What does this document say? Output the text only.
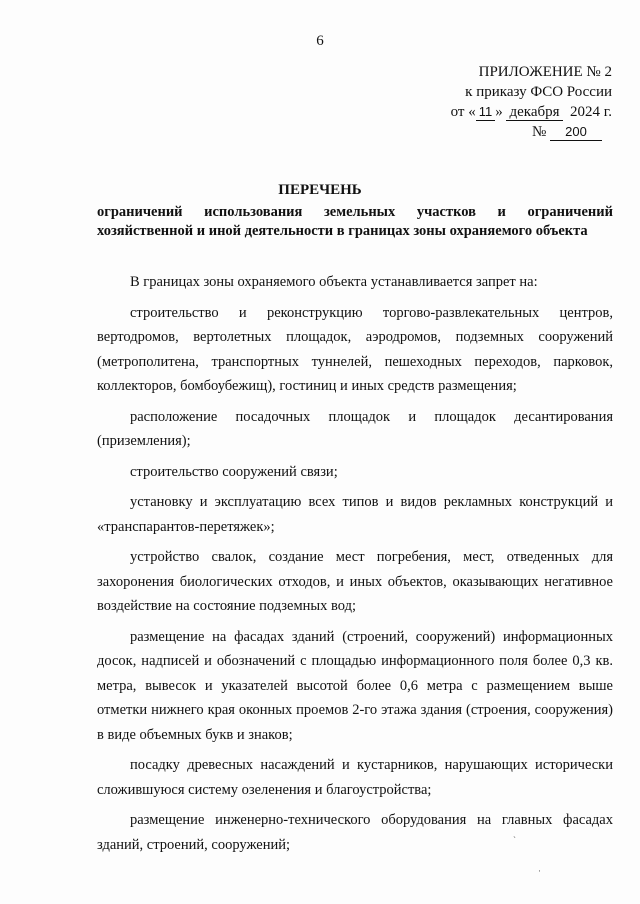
6
ПРИЛОЖЕНИЕ № 2
к приказу ФСО России
от « 11 » декабря 2024 г.
№ 200
ПЕРЕЧЕНЬ
ограничений использования земельных участков и ограничений
хозяйственной и иной деятельности в границах зоны охраняемого объекта

В границах зоны охраняемого объекта устанавливается запрет на:

строительство и реконструкцию торгово-развлекательных центров, вертодромов, вертолетных площадок, аэродромов, подземных сооружений (метрополитена, транспортных туннелей, пешеходных переходов, парковок, коллекторов, бомбоубежищ), гостиниц и иных средств размещения;

расположение посадочных площадок и площадок десантирования (приземления);

строительство сооружений связи;

установку и эксплуатацию всех типов и видов рекламных конструкций и «транспарантов-перетяжек»;

устройство свалок, создание мест погребения, мест, отведенных для захоронения биологических отходов, и иных объектов, оказывающих негативное воздействие на состояние подземных вод;

размещение на фасадах зданий (строений, сооружений) информационных досок, надписей и обозначений с площадью информационного поля более 0,3 кв. метра, вывесок и указателей высотой более 0,6 метра с размещением выше отметки нижнего края оконных проемов 2-го этажа здания (строения, сооружения) в виде объемных букв и знаков;

посадку древесных насаждений и кустарников, нарушающих исторически сложившуюся систему озеленения и благоустройства;

размещение инженерно-технического оборудования на главных фасадах зданий, строений, сооружений;

ˎ
·
